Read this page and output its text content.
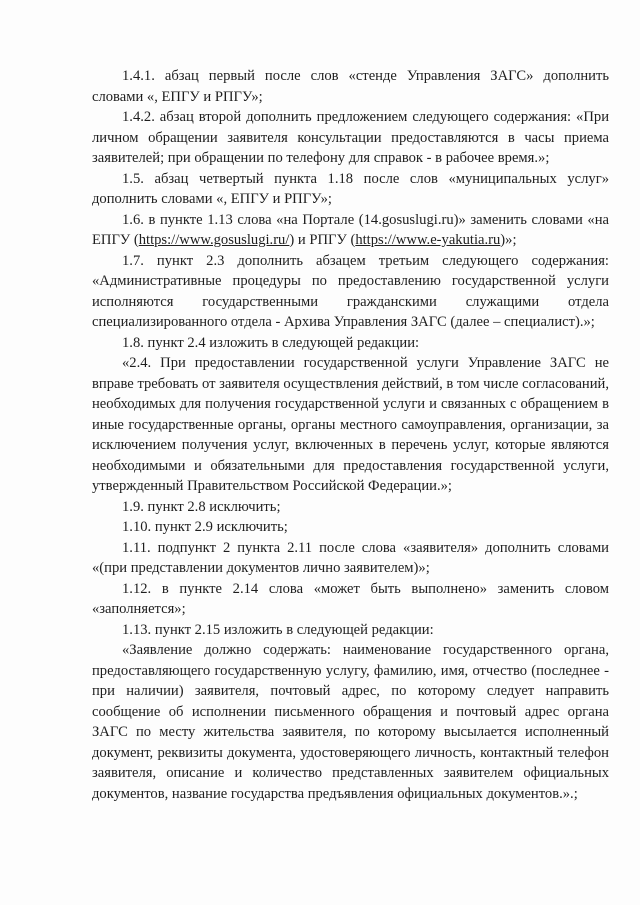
1.4.1. абзац первый после слов «стенде Управления ЗАГС» дополнить словами «, ЕПГУ и РПГУ»;

1.4.2. абзац второй дополнить предложением следующего содержания: «При личном обращении заявителя консультации предоставляются в часы приема заявителей; при обращении по телефону для справок - в рабочее время.»;

1.5. абзац четвертый пункта 1.18 после слов «муниципальных услуг» дополнить словами «, ЕПГУ и РПГУ»;

1.6. в пункте 1.13 слова «на Портале (14.gosuslugi.ru)» заменить словами «на ЕПГУ (https://www.gosuslugi.ru/) и РПГУ (https://www.e-yakutia.ru)»;

1.7. пункт 2.3 дополнить абзацем третьим следующего содержания: «Административные процедуры по предоставлению государственной услуги исполняются государственными гражданскими служащими отдела специализированного отдела - Архива Управления ЗАГС (далее – специалист).»;

1.8. пункт 2.4 изложить в следующей редакции:

«2.4. При предоставлении государственной услуги Управление ЗАГС не вправе требовать от заявителя осуществления действий, в том числе согласований, необходимых для получения государственной услуги и связанных с обращением в иные государственные органы, органы местного самоуправления, организации, за исключением получения услуг, включенных в перечень услуг, которые являются необходимыми и обязательными для предоставления государственной услуги, утвержденный Правительством Российской Федерации.»;

1.9. пункт 2.8 исключить;

1.10. пункт 2.9 исключить;

1.11. подпункт 2 пункта 2.11 после слова «заявителя» дополнить словами «(при представлении документов лично заявителем)»;

1.12. в пункте 2.14 слова «может быть выполнено» заменить словом «заполняется»;

1.13. пункт 2.15 изложить в следующей редакции:

«Заявление должно содержать: наименование государственного органа, предоставляющего государственную услугу, фамилию, имя, отчество (последнее - при наличии) заявителя, почтовый адрес, по которому следует направить сообщение об исполнении письменного обращения и почтовый адрес органа ЗАГС по месту жительства заявителя, по которому высылается исполненный документ, реквизиты документа, удостоверяющего личность, контактный телефон заявителя, описание и количество представленных заявителем официальных документов, название государства предъявления официальных документов.».;
